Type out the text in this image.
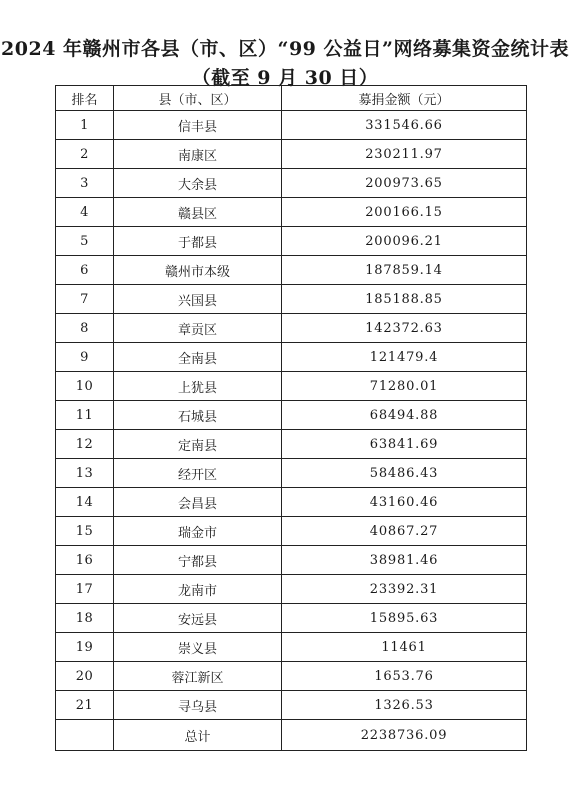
2024 年赣州市各县（市、区）“99 公益日”网络募集资金统计表
（截至 9 月 30 日）
排名	县（市、区）	募捐金额（元）
1	信丰县	331546.66
2	南康区	230211.97
3	大余县	200973.65
4	赣县区	200166.15
5	于都县	200096.21
6	赣州市本级	187859.14
7	兴国县	185188.85
8	章贡区	142372.63
9	全南县	121479.4
10	上犹县	71280.01
11	石城县	68494.88
12	定南县	63841.69
13	经开区	58486.43
14	会昌县	43160.46
15	瑞金市	40867.27
16	宁都县	38981.46
17	龙南市	23392.31
18	安远县	15895.63
19	崇义县	11461
20	蓉江新区	1653.76
21	寻乌县	1326.53
	总计	2238736.09
